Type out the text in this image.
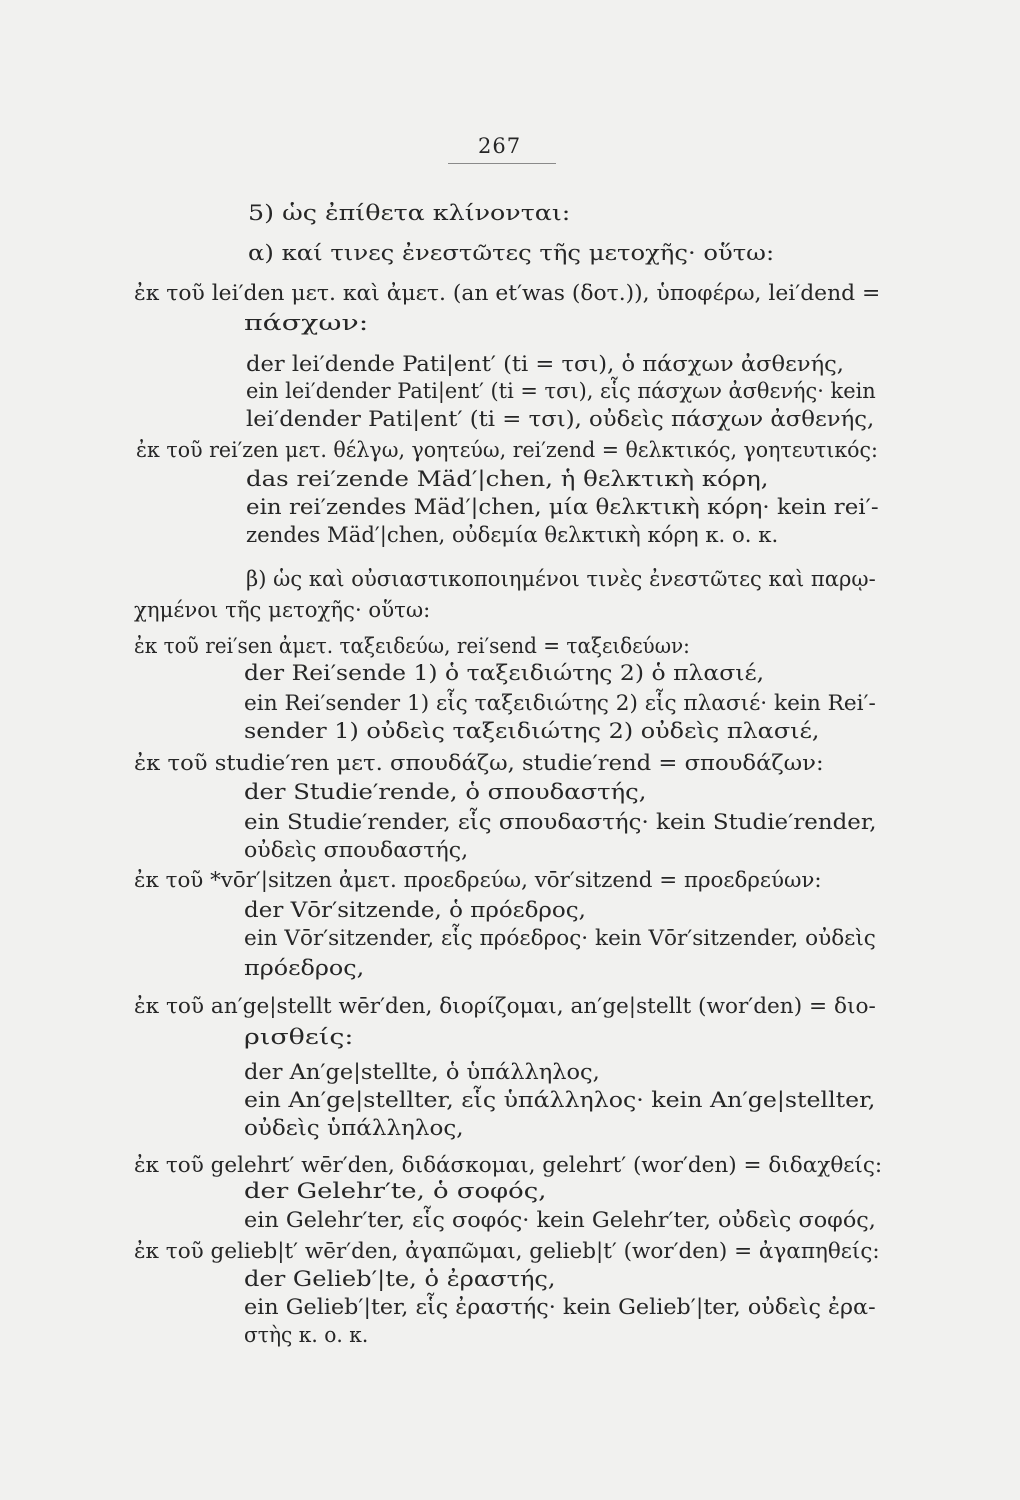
267
5) ὡς ἐπίθετα κλίνονται:
α) καί τινες ἐνεστῶτες τῆς μετοχῆς· οὕτω:
ἐκ τοῦ lei′den μετ. καὶ ἀμετ. (an et′was (δοτ.)), ὑποφέρω, lei′dend =
πάσχων:
der lei′dende Pati|ent′ (ti = τσι), ὁ πάσχων ἀσθενής,
ein lei′dender Pati|ent′ (ti = τσι), εἷς πάσχων ἀσθενής· kein
lei′dender Pati|ent′ (ti = τσι), οὐδεὶς πάσχων ἀσθενής,
ἐκ τοῦ rei′zen μετ. θέλγω, γοητεύω, rei′zend = θελκτικός, γοητευτικός:
das rei′zende Mäd′|chen, ἡ θελκτικὴ κόρη,
ein rei′zendes Mäd′|chen, μία θελκτικὴ κόρη· kein rei′-
zendes Mäd′|chen, οὐδεμία θελκτικὴ κόρη κ. ο. κ.
β) ὡς καὶ οὐσιαστικοποιημένοι τινὲς ἐνεστῶτες καὶ παρῳ-
χημένοι τῆς μετοχῆς· οὕτω:
ἐκ τοῦ rei′sen ἀμετ. ταξειδεύω, rei′send = ταξειδεύων:
der Rei′sende 1) ὁ ταξειδιώτης 2) ὁ πλασιέ,
ein Rei′sender 1) εἷς ταξειδιώτης 2) εἷς πλασιέ· kein Rei′-
sender 1) οὐδεὶς ταξειδιώτης 2) οὐδεὶς πλασιέ,
ἐκ τοῦ studie′ren μετ. σπουδάζω, studie′rend = σπουδάζων:
der Studie′rende, ὁ σπουδαστής,
ein Studie′render, εἷς σπουδαστής· kein Studie′render,
οὐδεὶς σπουδαστής,
ἐκ τοῦ *vōr′|sitzen ἀμετ. προεδρεύω, vōr′sitzend = προεδρεύων:
der Vōr′sitzende, ὁ πρόεδρος,
ein Vōr′sitzender, εἷς πρόεδρος· kein Vōr′sitzender, οὐδεὶς
πρόεδρος,
ἐκ τοῦ an′ge|stellt wēr′den, διορίζομαι, an′ge|stellt (wor′den) = διο-
ρισθείς:
der An′ge|stellte, ὁ ὑπάλληλος,
ein An′ge|stellter, εἷς ὑπάλληλος· kein An′ge|stellter,
οὐδεὶς ὑπάλληλος,
ἐκ τοῦ gelehrt′ wēr′den, διδάσκομαι, gelehrt′ (wor′den) = διδαχθείς:
der Gelehr′te, ὁ σοφός,
ein Gelehr′ter, εἷς σοφός· kein Gelehr′ter, οὐδεὶς σοφός,
ἐκ τοῦ gelieb|t′ wēr′den, ἀγαπῶμαι, gelieb|t′ (wor′den) = ἀγαπηθείς:
der Gelieb′|te, ὁ ἐραστής,
ein Gelieb′|ter, εἷς ἐραστής· kein Gelieb′|ter, οὐδεὶς ἐρα-
στὴς κ. ο. κ.
